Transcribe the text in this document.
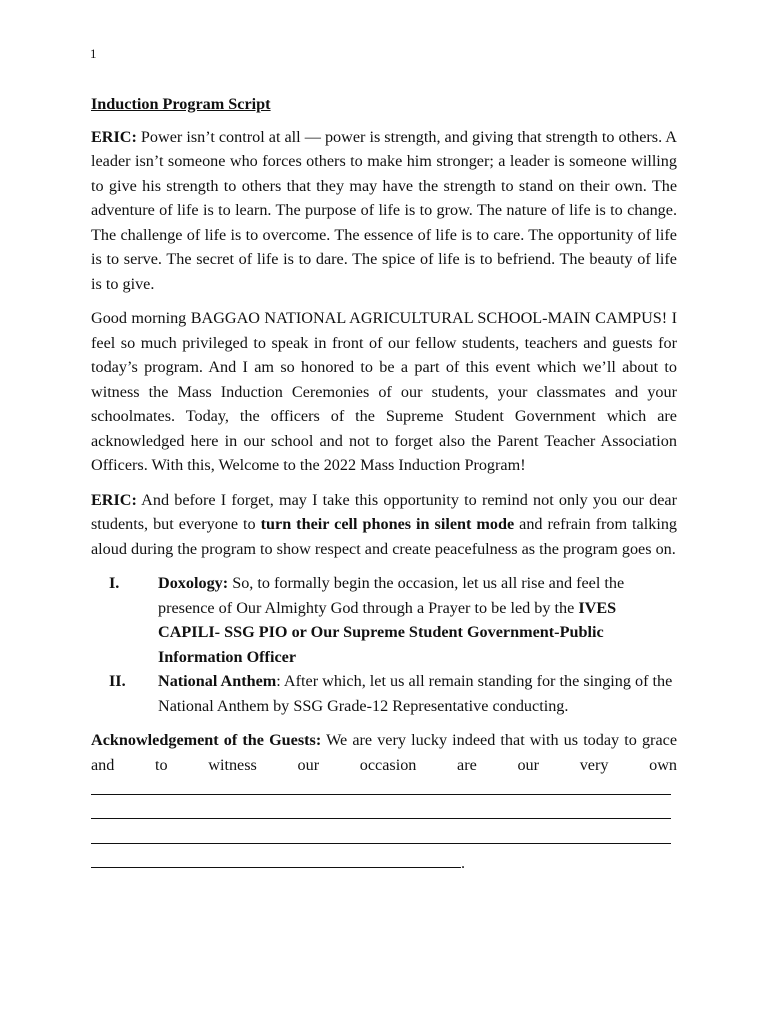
1
Induction Program Script

ERIC: Power isn’t control at all — power is strength, and giving that strength to others. A leader isn’t someone who forces others to make him stronger; a leader is someone willing to give his strength to others that they may have the strength to stand on their own. The adventure of life is to learn. The purpose of life is to grow. The nature of life is to change. The challenge of life is to overcome. The essence of life is to care. The opportunity of life is to serve. The secret of life is to dare. The spice of life is to befriend. The beauty of life is to give.

Good morning BAGGAO NATIONAL AGRICULTURAL SCHOOL-MAIN CAMPUS! I feel so much privileged to speak in front of our fellow students, teachers and guests for today’s program. And I am so honored to be a part of this event which we’ll about to witness the Mass Induction Ceremonies of our students, your classmates and your schoolmates. Today, the officers of the Supreme Student Government which are acknowledged here in our school and not to forget also the Parent Teacher Association Officers. With this, Welcome to the 2022 Mass Induction Program!

ERIC: And before I forget, may I take this opportunity to remind not only you our dear students, but everyone to turn their cell phones in silent mode and refrain from talking aloud during the program to show respect and create peacefulness as the program goes on.

I.	Doxology: So, to formally begin the occasion, let us all rise and feel the presence of Our Almighty God through a Prayer to be led by the IVES CAPILI- SSG PIO or Our Supreme Student Government-Public Information Officer
II.	National Anthem: After which, let us all remain standing for the singing of the National Anthem by SSG Grade-12 Representative conducting.

Acknowledgement of the Guests: We are very lucky indeed that with us today to grace and to witness our occasion are our very own

.
